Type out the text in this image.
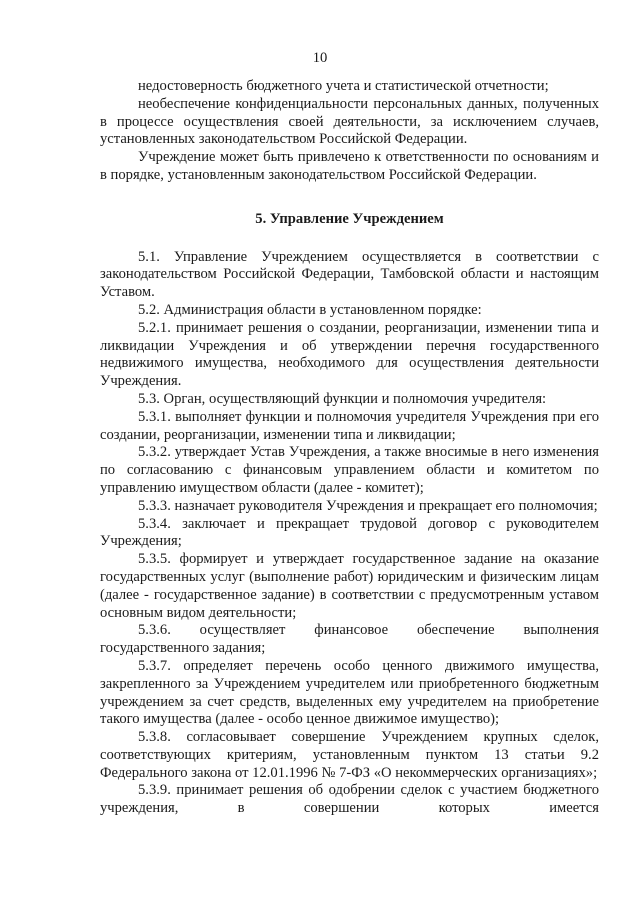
10

недостоверность бюджетного учета и статистической отчетности;

необеспечение конфиденциальности персональных данных, полученных в процессе осуществления своей деятельности, за исключением случаев, установленных законодательством Российской Федерации.

Учреждение может быть привлечено к ответственности по основаниям и в порядке, установленным законодательством Российской Федерации.

5. Управление Учреждением

5.1. Управление Учреждением осуществляется в соответствии с законодательством Российской Федерации, Тамбовской области и настоящим Уставом.

5.2. Администрация области в установленном порядке:

5.2.1. принимает решения о создании, реорганизации, изменении типа и ликвидации Учреждения и об утверждении перечня государственного недвижимого имущества, необходимого для осуществления деятельности Учреждения.

5.3. Орган, осуществляющий функции и полномочия учредителя:

5.3.1. выполняет функции и полномочия учредителя Учреждения при его создании, реорганизации, изменении типа и ликвидации;

5.3.2. утверждает Устав Учреждения, а также вносимые в него изменения по согласованию с финансовым управлением области и комитетом по управлению имуществом области (далее - комитет);

5.3.3. назначает руководителя Учреждения и прекращает его полномочия;

5.3.4. заключает и прекращает трудовой договор с руководителем Учреждения;

5.3.5. формирует и утверждает государственное задание на оказание государственных услуг (выполнение работ) юридическим и физическим лицам (далее - государственное задание) в соответствии с предусмотренным уставом основным видом деятельности;

5.3.6. осуществляет финансовое обеспечение выполнения государственного задания;

5.3.7. определяет перечень особо ценного движимого имущества, закрепленного за Учреждением учредителем или приобретенного бюджетным учреждением за счет средств, выделенных ему учредителем на приобретение такого имущества (далее - особо ценное движимое имущество);

5.3.8. согласовывает совершение Учреждением крупных сделок, соответствующих критериям, установленным пунктом 13 статьи 9.2 Федерального закона от 12.01.1996 № 7-ФЗ «О некоммерческих организациях»;

5.3.9. принимает решения об одобрении сделок с участием бюджетного учреждения, в совершении которых имеется
